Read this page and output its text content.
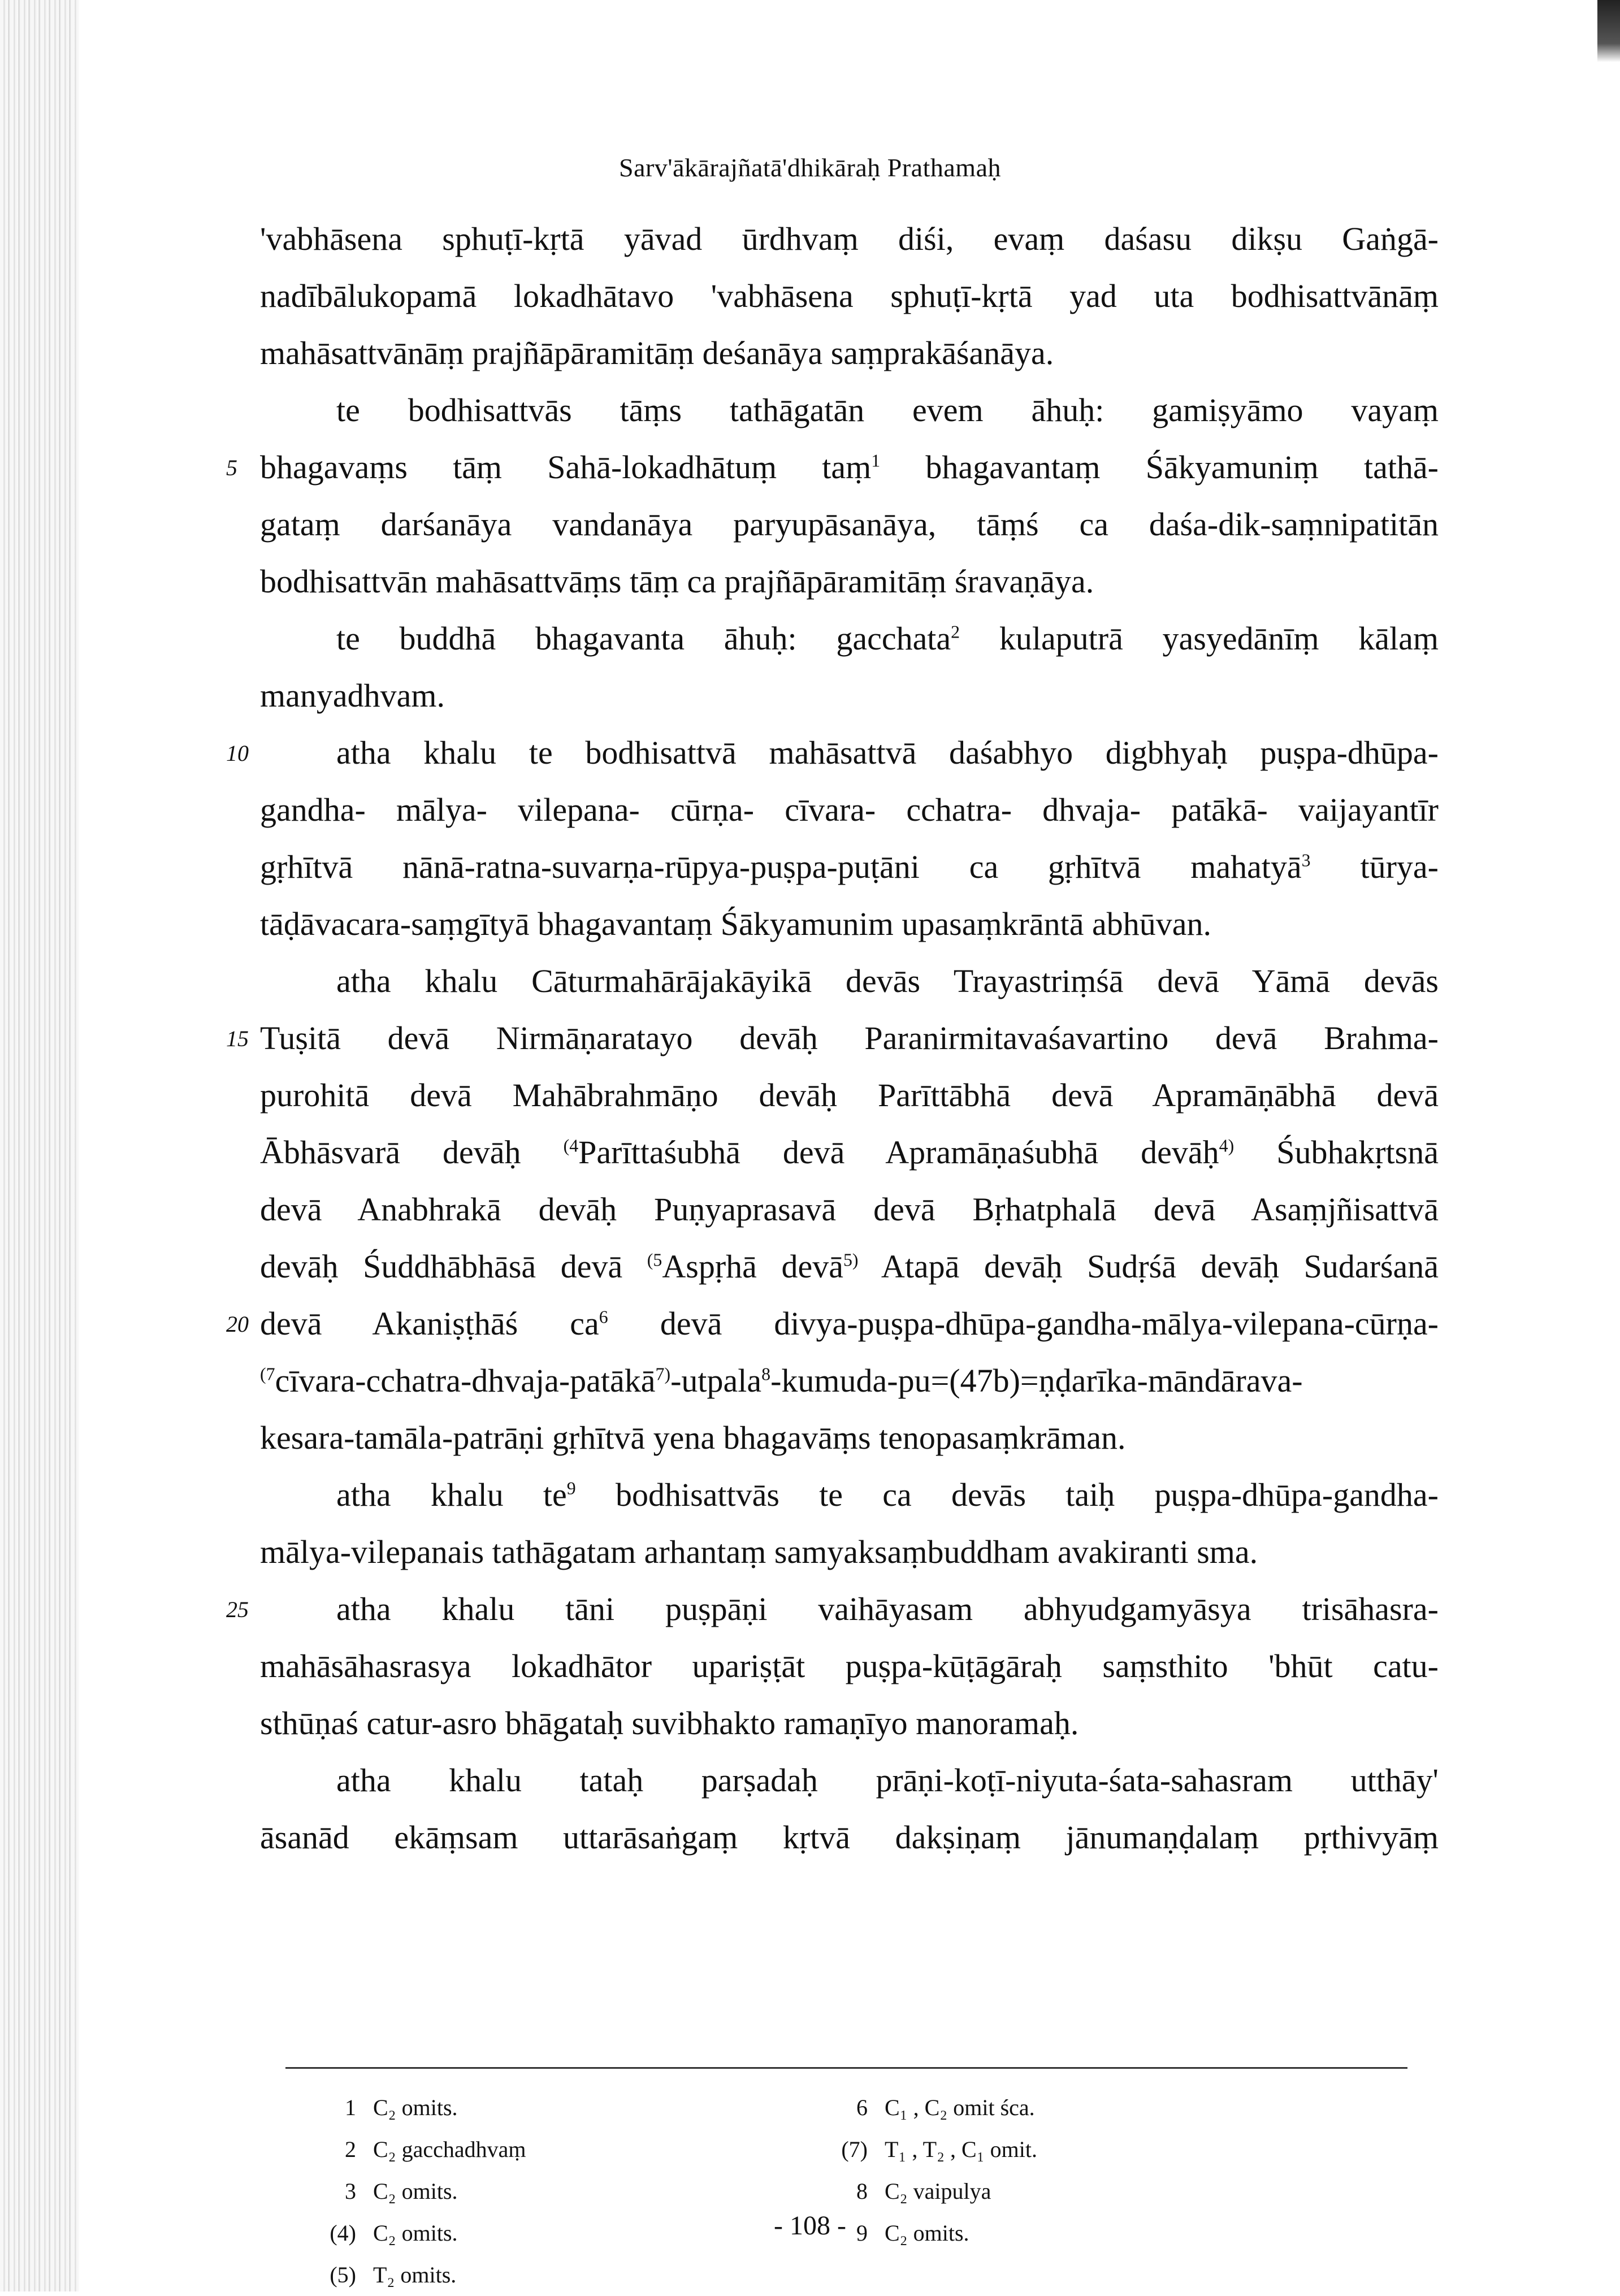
Sarv'ākārajñatā'dhikāraḥ Prathamaḥ
'vabhāsena sphuṭī-kṛtā yāvad ūrdhvaṃ diśi, evaṃ daśasu dikṣu Gaṅgā-
nadībālukopamā lokadhātavo 'vabhāsena sphuṭī-kṛtā yad uta bodhisattvānāṃ
mahāsattvānāṃ prajñāpāramitāṃ deśanāya saṃprakāśanāya.
te bodhisattvās tāṃs tathāgatān evem āhuḥ: gamiṣyāmo vayaṃ
bhagavaṃs tāṃ Sahā-lokadhātuṃ taṃ$^1$ bhagavantaṃ Śākyamuniṃ tathā-
gataṃ darśanāya vandanāya paryupāsanāya, tāṃś ca daśa-dik-saṃnipatitān
bodhisattvān mahāsattvāṃs tāṃ ca prajñāpāramitāṃ śravaṇāya.
te buddhā bhagavanta āhuḥ: gacchata$^2$ kulaputrā yasyedānīṃ kālaṃ
manyadhvam.
atha khalu te bodhisattvā mahāsattvā daśabhyo digbhyaḥ puṣpa-dhūpa-
gandha- mālya- vilepana- cūrṇa- cīvara- cchatra- dhvaja- patākā- vaijayantīr
gṛhītvā nānā-ratna-suvarṇa-rūpya-puṣpa-puṭāni ca gṛhītvā mahatyā$^3$ tūrya-
tāḍāvacara-saṃgītyā bhagavantaṃ Śākyamunim upasaṃkrāntā abhūvan.
atha khalu Cāturmahārājakāyikā devās Trayastriṃśā devā Yāmā devās
Tuṣitā devā Nirmāṇaratayo devāḥ Paranirmitavaśavartino devā Brahma-
purohitā devā Mahābrahmāṇo devāḥ Parīttābhā devā Apramāṇābhā devā
Ābhāsvarā devāḥ $^{(4}$Parīttaśubhā devā Apramāṇaśubhā devāḥ$^{4)}$ Śubhakṛtsnā
devā Anabhrakā devāḥ Puṇyaprasavā devā Bṛhatphalā devā Asaṃjñisattvā
devāḥ Śuddhābhāsā devā $^{(5}$Aspṛhā devā$^{5)}$ Atapā devāḥ Sudṛśā devāḥ Sudarśanā
devā Akaniṣṭhāś $ca^6$ devā divya-puṣpa-dhūpa-gandha-mālya-vilepana-cūrṇa-
$^{(7}$cīvara-cchatra-dhvaja-patākā$^{7)}$-utpala$^8$-kumuda-pu=(47b)=ṇḍarīka-māndārava-
kesara-tamāla-patrāṇi gṛhītvā yena bhagavāṃs tenopasaṃkrāman.
atha khalu $te^9$ bodhisattvās te ca devās taiḥ puṣpa-dhūpa-gandha-
mālya-vilepanais tathāgatam arhantaṃ samyaksaṃbuddham avakiranti sma.
atha khalu tāni puṣpāṇi vaihāyasam abhyudgamyāsya trisāhasra-
mahāsāhasrasya lokadhātor upariṣṭāt puṣpa-kūṭāgāraḥ saṃsthito 'bhūt catu-
sthūṇaś catur-asro bhāgataḥ suvibhakto ramaṇīyo manoramaḥ.
atha khalu tataḥ parṣadaḥ prāṇi-koṭī-niyuta-śata-sahasram utthāy'
āsanād ekāṃsam uttarāsaṅgaṃ kṛtvā dakṣiṇaṃ jānumaṇḍalaṃ pṛthivyāṃ
5
10
15
20
25
1 C₂ omits.
2 C₂ gacchadhvaṃ
3 C₂ omits.
(4) C₂ omits.
(5) T₂ omits.
6 C₁ , C₂ omit śca.
(7) T₁ , T₂ , C₁ omit.
8 C₂ vaipulya
9 C₂ omits.
- 108 -
